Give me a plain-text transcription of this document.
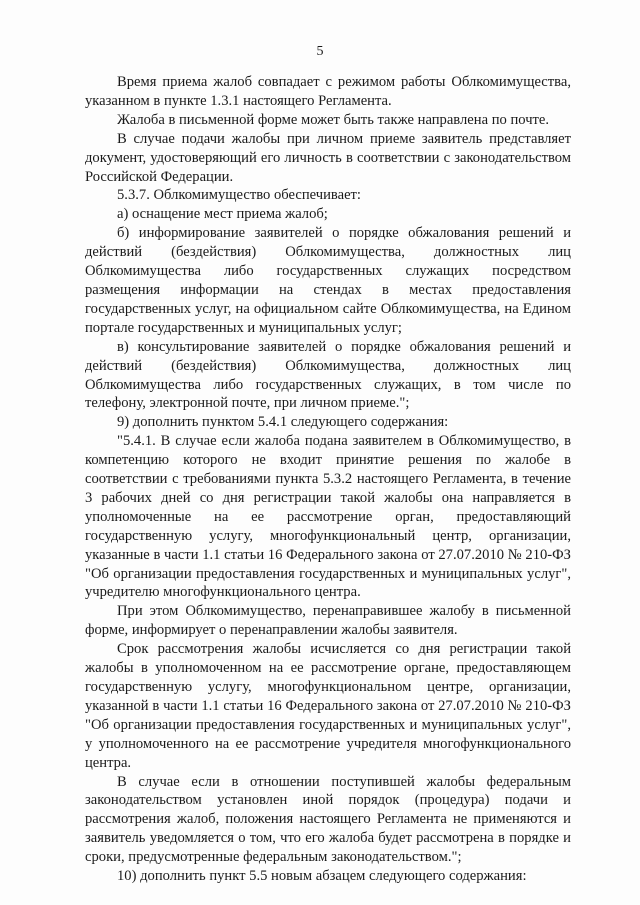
5

Время приема жалоб совпадает с режимом работы Облкомимущества, указанном в пункте 1.3.1 настоящего Регламента.

Жалоба в письменной форме может быть также направлена по почте.

В случае подачи жалобы при личном приеме заявитель представляет документ, удостоверяющий его личность в соответствии с законодательством Российской Федерации.

5.3.7. Облкомимущество обеспечивает:

а) оснащение мест приема жалоб;

б) информирование заявителей о порядке обжалования решений и действий (бездействия) Облкомимущества, должностных лиц Облкомимущества либо государственных служащих посредством размещения информации на стендах в местах предоставления государственных услуг, на официальном сайте Облкомимущества, на Едином портале государственных и муниципальных услуг;

в) консультирование заявителей о порядке обжалования решений и действий (бездействия) Облкомимущества, должностных лиц Облкомимущества либо государственных служащих, в том числе по телефону, электронной почте, при личном приеме.";

9) дополнить пунктом 5.4.1 следующего содержания:

"5.4.1. В случае если жалоба подана заявителем в Облкомимущество, в компетенцию которого не входит принятие решения по жалобе в соответствии с требованиями пункта 5.3.2 настоящего Регламента, в течение 3 рабочих дней со дня регистрации такой жалобы она направляется в уполномоченные на ее рассмотрение орган, предоставляющий государственную услугу, многофункциональный центр, организации, указанные в части 1.1 статьи 16 Федерального закона от 27.07.2010 № 210-ФЗ "Об организации предоставления государственных и муниципальных услуг", учредителю многофункционального центра.

При этом Облкомимущество, перенаправившее жалобу в письменной форме, информирует о перенаправлении жалобы заявителя.

Срок рассмотрения жалобы исчисляется со дня регистрации такой жалобы в уполномоченном на ее рассмотрение органе, предоставляющем государственную услугу, многофункциональном центре, организации, указанной в части 1.1 статьи 16 Федерального закона от 27.07.2010 № 210-ФЗ "Об организации предоставления государственных и муниципальных услуг", у уполномоченного на ее рассмотрение учредителя многофункционального центра.

В случае если в отношении поступившей жалобы федеральным законодательством установлен иной порядок (процедура) подачи и рассмотрения жалоб, положения настоящего Регламента не применяются и заявитель уведомляется о том, что его жалоба будет рассмотрена в порядке и сроки, предусмотренные федеральным законодательством.";

10) дополнить пункт 5.5 новым абзацем следующего содержания:
